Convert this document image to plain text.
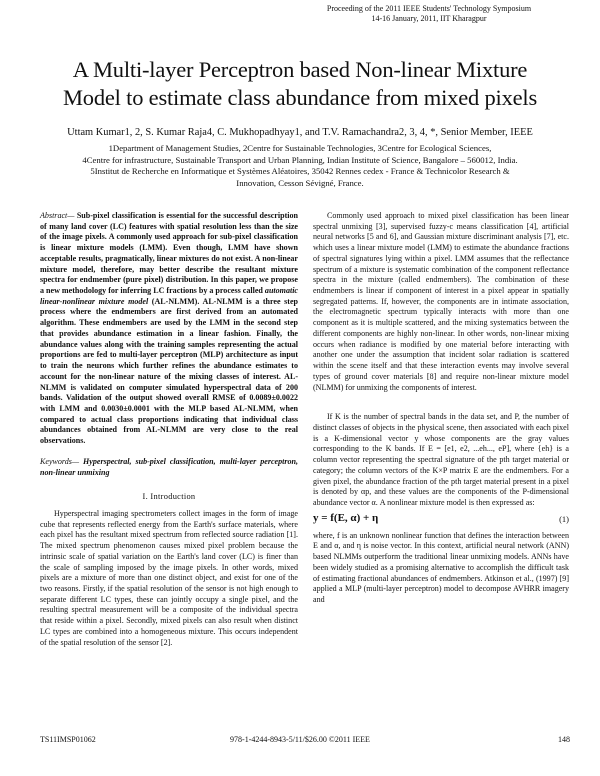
Proceeding of the 2011 IEEE Students' Technology Symposium
14-16 January, 2011, IIT Kharagpur
A Multi-layer Perceptron based Non-linear Mixture
Model to estimate class abundance from mixed pixels
Uttam Kumar1, 2, S. Kumar Raja4, C. Mukhopadhyay1, and T.V. Ramachandra2, 3, 4, *, Senior Member, IEEE
1Department of Management Studies, 2Centre for Sustainable Technologies, 3Centre for Ecological Sciences,
4Centre for infrastructure, Sustainable Transport and Urban Planning, Indian Institute of Science, Bangalore – 560012, India.
5Institut de Recherche en Informatique et Systèmes Aléatoires, 35042 Rennes cedex - France & Technicolor Research &
Innovation, Cesson Sévigné, France.

Abstract— Sub-pixel classification is essential for the successful description of many land cover (LC) features with spatial resolution less than the size of the image pixels. A commonly used approach for sub-pixel classification is linear mixture models (LMM). Even though, LMM have shown acceptable results, pragmatically, linear mixtures do not exist. A non-linear mixture model, therefore, may better describe the resultant mixture spectra for endmember (pure pixel) distribution. In this paper, we propose a new methodology for inferring LC fractions by a process called automatic linear-nonlinear mixture model (AL-NLMM). AL-NLMM is a three step process where the endmembers are first derived from an automated algorithm. These endmembers are used by the LMM in the second step that provides abundance estimation in a linear fashion. Finally, the abundance values along with the training samples representing the actual proportions are fed to multi-layer perceptron (MLP) architecture as input to train the neurons which further refines the abundance estimates to account for the non-linear nature of the mixing classes of interest. AL-NLMM is validated on computer simulated hyperspectral data of 200 bands. Validation of the output showed overall RMSE of 0.0089±0.0022 with LMM and 0.0030±0.0001 with the MLP based AL-NLMM, when compared to actual class proportions indicating that individual class abundances obtained from AL-NLMM are very close to the real observations.

Keywords— Hyperspectral, sub-pixel classification, multi-layer perceptron, non-linear unmixing

I. Introduction

Hyperspectral imaging spectrometers collect images in the form of image cube that represents reflected energy from the Earth's surface materials, where each pixel has the resultant mixed spectrum from reflected source radiation [1]. The mixed spectrum phenomenon causes mixed pixel problem because the intrinsic scale of spatial variation on the Earth's land cover (LC) is finer than the scale of sampling imposed by the image pixels. In other words, mixed pixels are a mixture of more than one distinct object, and exist for one of the two reasons. Firstly, if the spatial resolution of the sensor is not high enough to separate different LC types, these can jointly occupy a single pixel, and the resulting spectral measurement will be a composite of the individual spectra that reside within a pixel. Secondly, mixed pixels can also result when distinct LC types are combined into a homogeneous mixture. This occurs independent of the spatial resolution of the sensor [2].

Commonly used approach to mixed pixel classification has been linear spectral unmixing [3], supervised fuzzy-c means classification [4], artificial neural networks [5 and 6], and Gaussian mixture discriminant analysis [7], etc. which uses a linear mixture model (LMM) to estimate the abundance fractions of spectral signatures lying within a pixel. LMM assumes that the reflectance spectrum of a mixture is systematic combination of the component reflectance spectra in the mixture (called endmembers). The combination of these endmembers is linear if component of interest in a pixel appear in spatially segregated patterns. If, however, the components are in intimate association, the electromagnetic spectrum typically interacts with more than one component as it is multiple scattered, and the mixing systematics between the different components are highly non-linear. In other words, non-linear mixing occurs when radiance is modified by one material before interacting with another one under the assumption that incident solar radiation is scattered within the scene itself and that these interaction events may involve several types of ground cover materials [8] and require non-linear mixture model (NLMM) for unmixing the components of interest.

If K is the number of spectral bands in the data set, and P, the number of distinct classes of objects in the physical scene, then associated with each pixel is a K-dimensional vector y whose components are the gray values corresponding to the K bands. If E = [e1, e2, ...eh..., eP], where {eh} is a column vector representing the spectral signature of the pth target material or category; the column vectors of the K×P matrix E are the endmembers. For a given pixel, the abundance fraction of the pth target material present in a pixel is denoted by αp, and these values are the components of the P-dimensional abundance vector α. A nonlinear mixture model is then expressed as:

y = f(E, α) + η	(1)

where, f is an unknown nonlinear function that defines the interaction between E and α, and η is noise vector. In this context, artificial neural network (ANN) based NLMMs outperform the traditional linear unmixing models. ANNs have been widely studied as a promising alternative to accomplish the difficult task of estimating fractional abundances of endmembers. Atkinson et al., (1997) [9] applied a MLP (multi-layer perceptron) model to decompose AVHRR imagery and

TS11IMSP01062	978-1-4244-8943-5/11/$26.00 ©2011 IEEE	148
